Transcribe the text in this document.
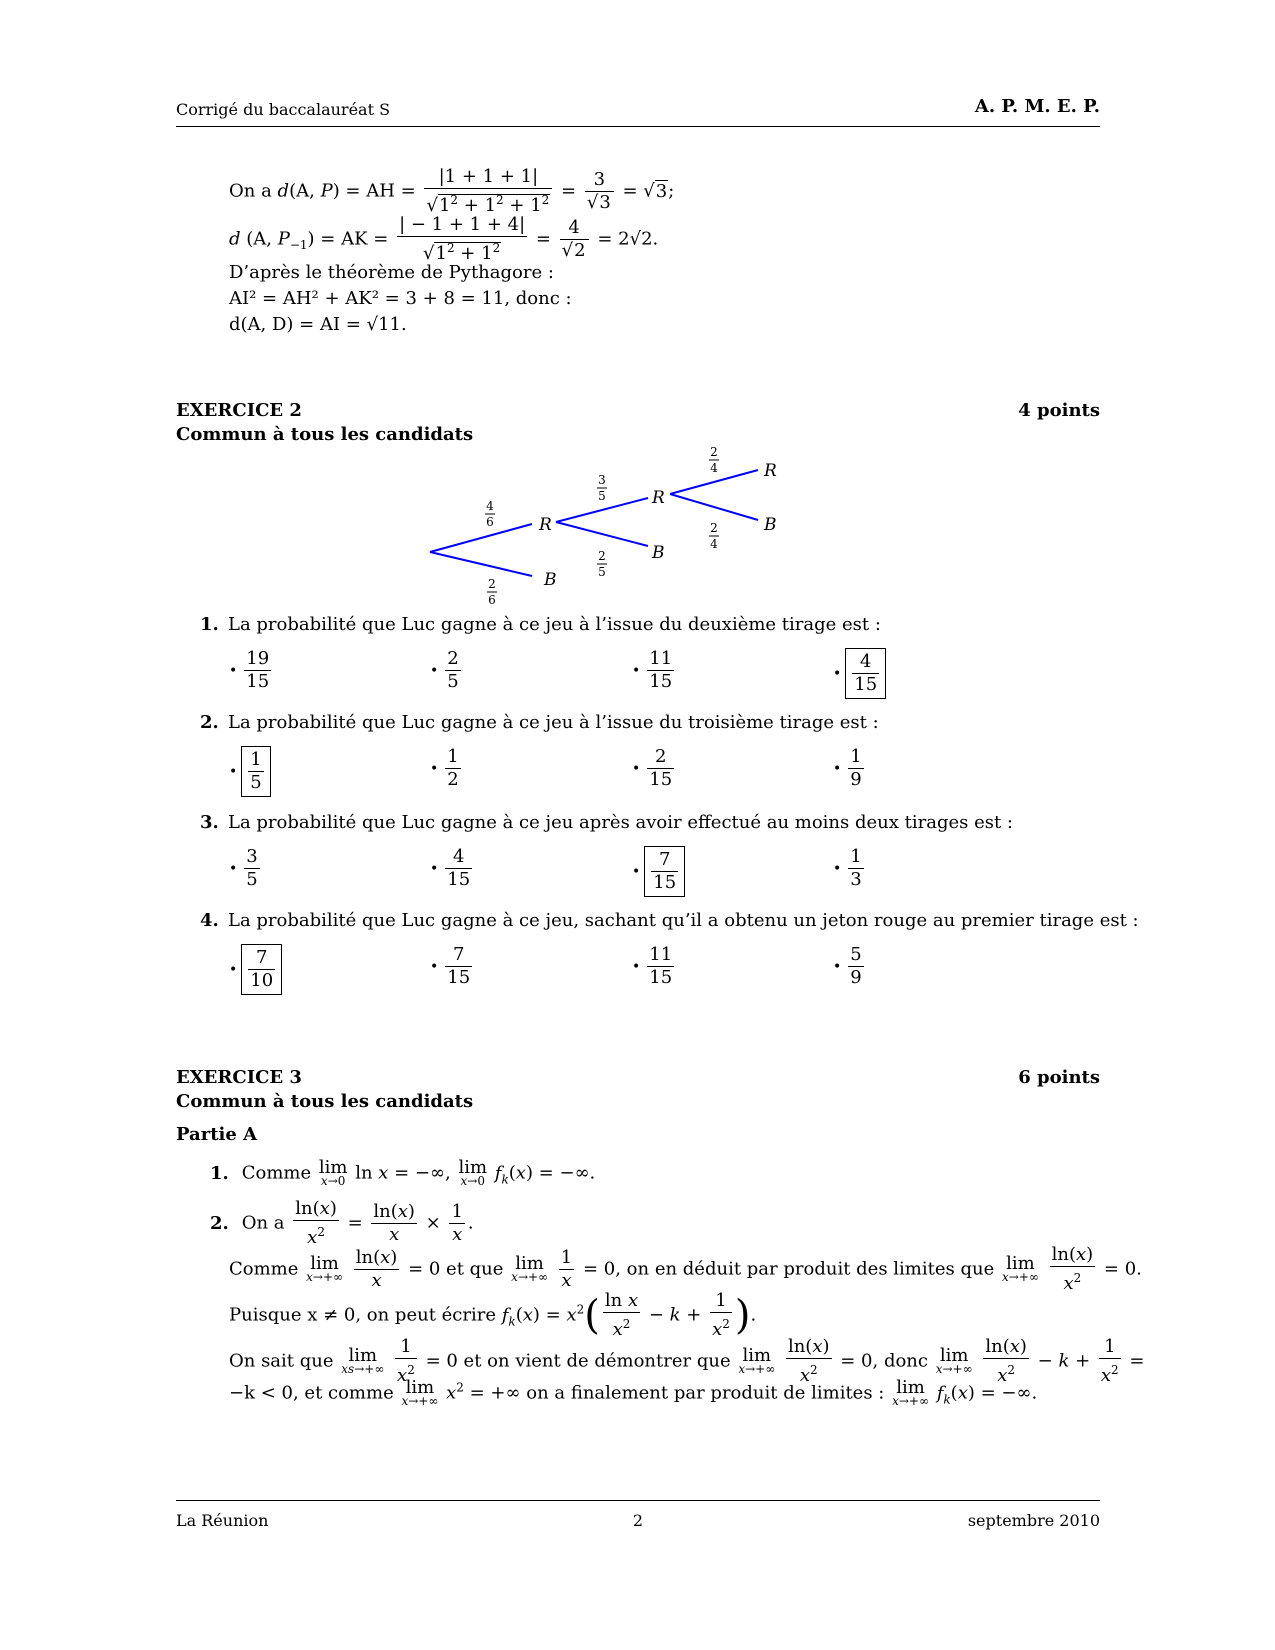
Corrigé du baccalauréat S	A. P. M. E. P.
On a d(A, P) = AH = $\frac{|1 + 1 + 1|}{√1^2 + 1^2 + 1^2} = \frac{3}{√3} = √3$;
d (A, $P_{-1}$) = AK = $\frac{| - 1 + 1 + 4|}{√1^2 + 1^2} = \frac{4}{√2} = 2√2$.
D’après le théorème de Pythagore :
AI² = AH² + AK² = 3 + 8 = 11, donc :
d(A, D) = AI = √11.
EXERCICE 2	4 points
Commun à tous les candidats
R
B
R
B
R
B
4
6
2
6
3
5
2
5
2
4
2
4
1. La probabilité que Luc gagne à ce jeu à l’issue du deuxième tirage est :
• $\frac{19}{15}$	• $\frac{2}{5}$	• $\frac{11}{15}$	• $\frac{4}{15}$
2. La probabilité que Luc gagne à ce jeu à l’issue du troisième tirage est :
• $\frac{1}{5}$	• $\frac{1}{2}$	• $\frac{2}{15}$	• $\frac{1}{9}$
3. La probabilité que Luc gagne à ce jeu après avoir effectué au moins deux tirages est :
• $\frac{3}{5}$	• $\frac{4}{15}$	• $\frac{7}{15}$	• $\frac{1}{3}$
4. La probabilité que Luc gagne à ce jeu, sachant qu’il a obtenu un jeton rouge au premier tirage est :
• $\frac{7}{10}$	• $\frac{7}{15}$	• $\frac{11}{15}$	• $\frac{5}{9}$
EXERCICE 3	6 points
Commun à tous les candidats
Partie A
1. Comme lim
x→0 ln x = −∞, lim
x→0 $f_k(x)$ = −∞.
2. On a $\frac{\ln(x)}{x^2} = \frac{\ln(x)}{x} \times \frac{1}{x}$ .
Comme lim
x→+∞
$\frac{\ln(x)}{x} = 0$ et que lim
x→+∞
$\frac{1}{x} = 0$, on en déduit par produit des limites que lim
x→+∞
$\frac{\ln(x)}{x^2} = 0$.
Puisque x ≠ 0, on peut écrire $f_k(x) = x^2( \frac{\text{ln x}}{x^2} - k + \frac{1}{x^2}$ ).
On sait que lim
xs→+∞
$\frac{1}{x^2} = 0$ et on vient de démontrer que lim
x→+∞
$\frac{\ln(x)}{x^2} = 0$, donc lim
x→+∞
$\frac{\ln(x)}{x^2} - k + \frac{1}{x^2}$ =
−k < 0, et comme lim
x→+∞ $x^2$ = +∞ on a finalement par produit de limites : lim
x→+∞ $f_k(x)$ = −∞.
La Réunion	2	septembre 2010
